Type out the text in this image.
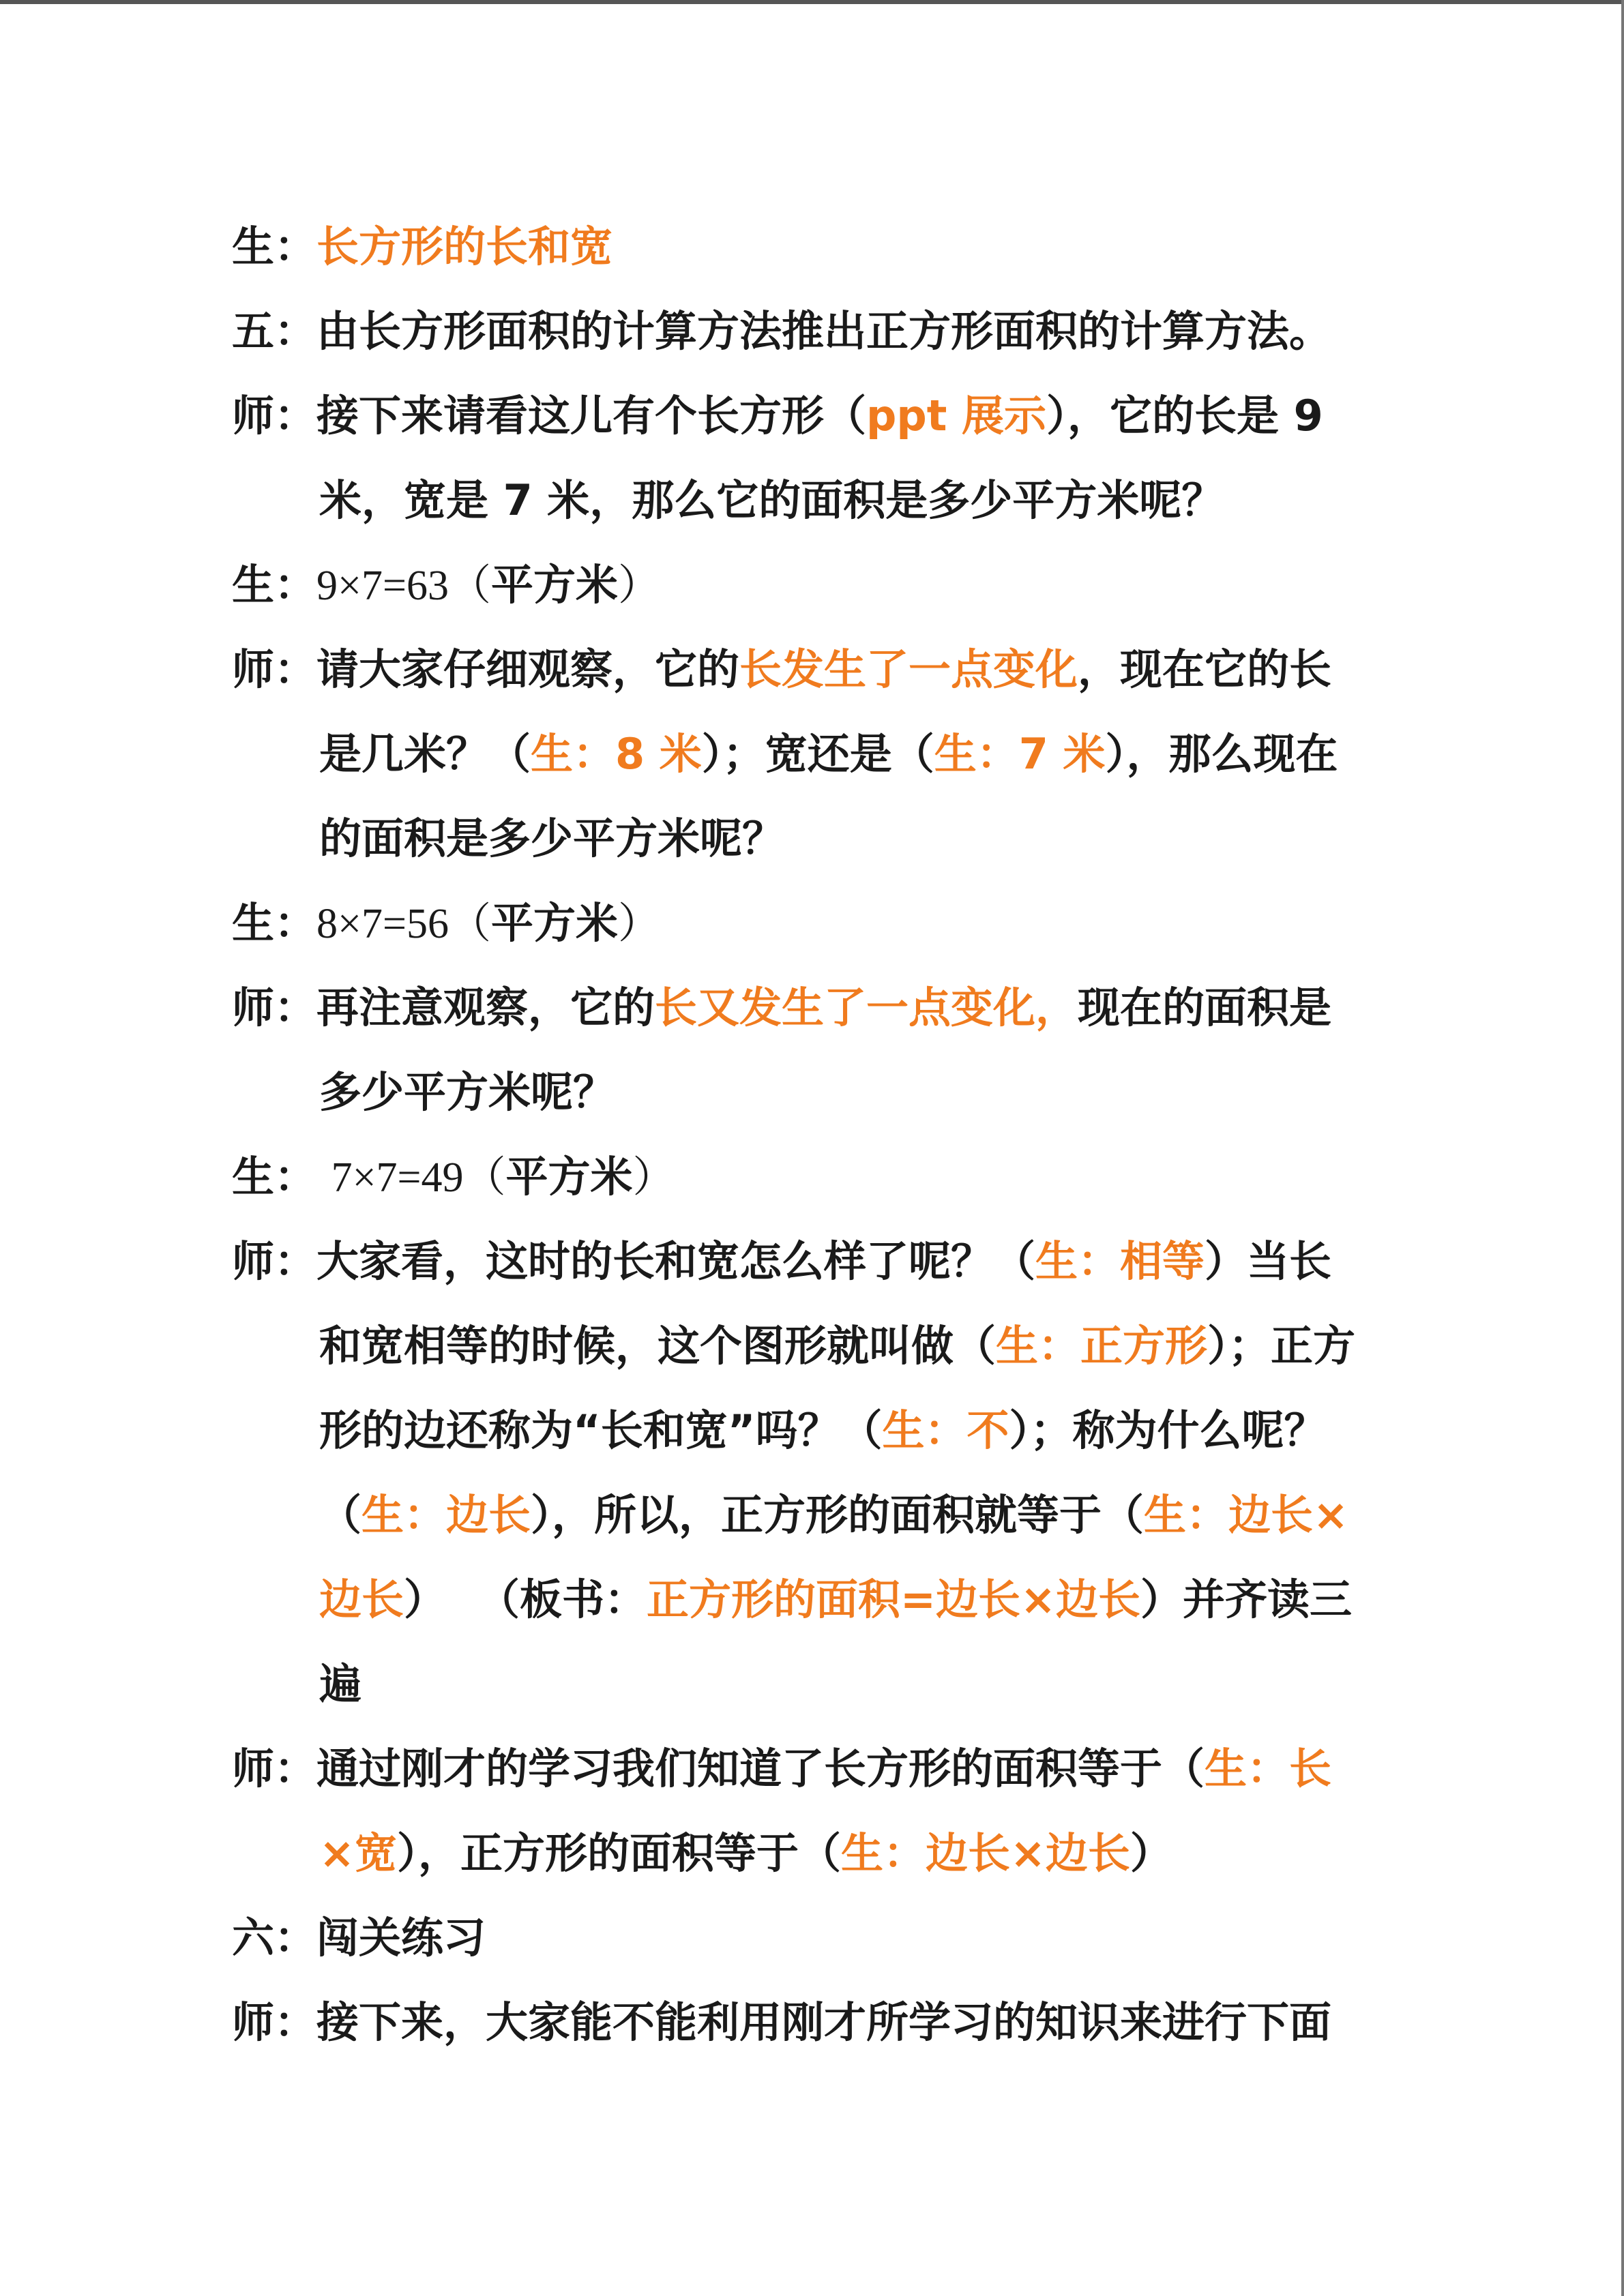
生：长方形的长和宽
五：由长方形面积的计算方法推出正方形面积的计算方法。
师：接下来请看这儿有个长方形（ppt 展示），它的长是 9
米，宽是 7 米，那么它的面积是多少平方米呢？
生：9×7=63（平方米）
师：请大家仔细观察，它的长发生了一点变化，现在它的长
是几米？（生：8 米）；宽还是（生：7 米），那么现在
的面积是多少平方米呢？
生：8×7=56（平方米）
师：再注意观察，它的长又发生了一点变化，现在的面积是
多少平方米呢？
生： 7×7=49（平方米）
师：大家看，这时的长和宽怎么样了呢？（生：相等）当长
和宽相等的时候，这个图形就叫做（生：正方形）；正方
形的边还称为“长和宽”吗？（生：不）；称为什么呢？
（生：边长），所以，正方形的面积就等于（生：边长×
边长） （板书：正方形的面积=边长×边长）并齐读三
遍
师：通过刚才的学习我们知道了长方形的面积等于（生：长
×宽），正方形的面积等于（生：边长×边长）
六：闯关练习
师：接下来，大家能不能利用刚才所学习的知识来进行下面
